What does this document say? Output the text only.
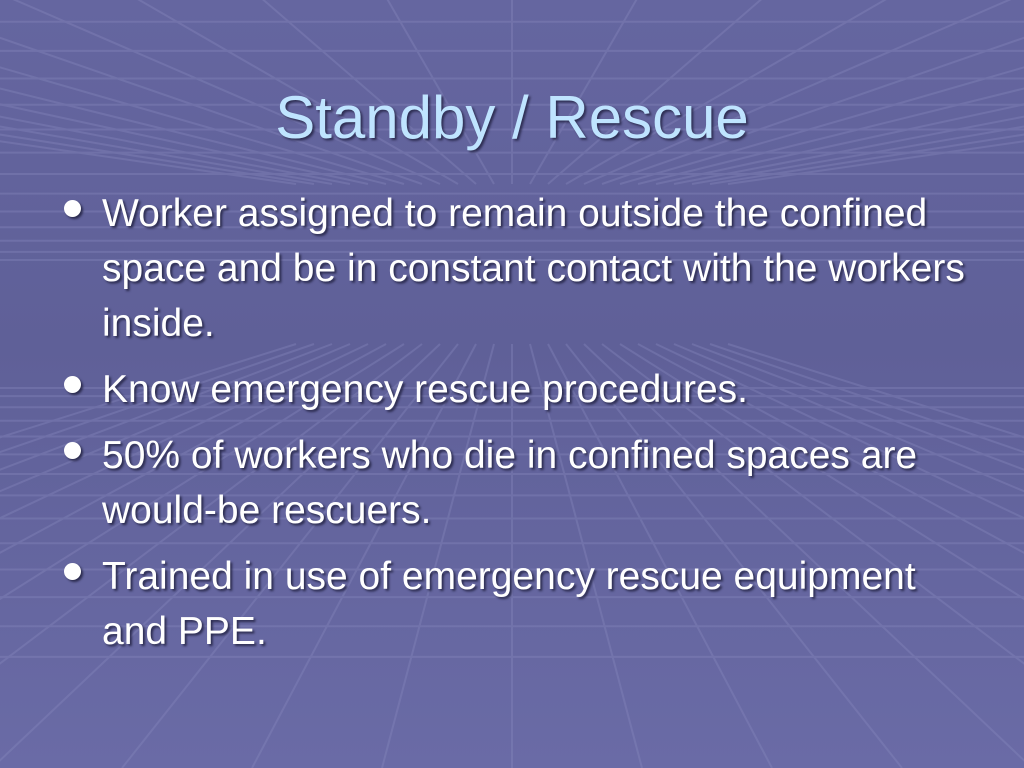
Standby / Rescue
Worker assigned to remain outside the confined space and be in constant contact with the workers inside.
Know emergency rescue procedures.
50% of workers who die in confined spaces are would-be rescuers.
Trained in use of emergency rescue equipment and PPE.
